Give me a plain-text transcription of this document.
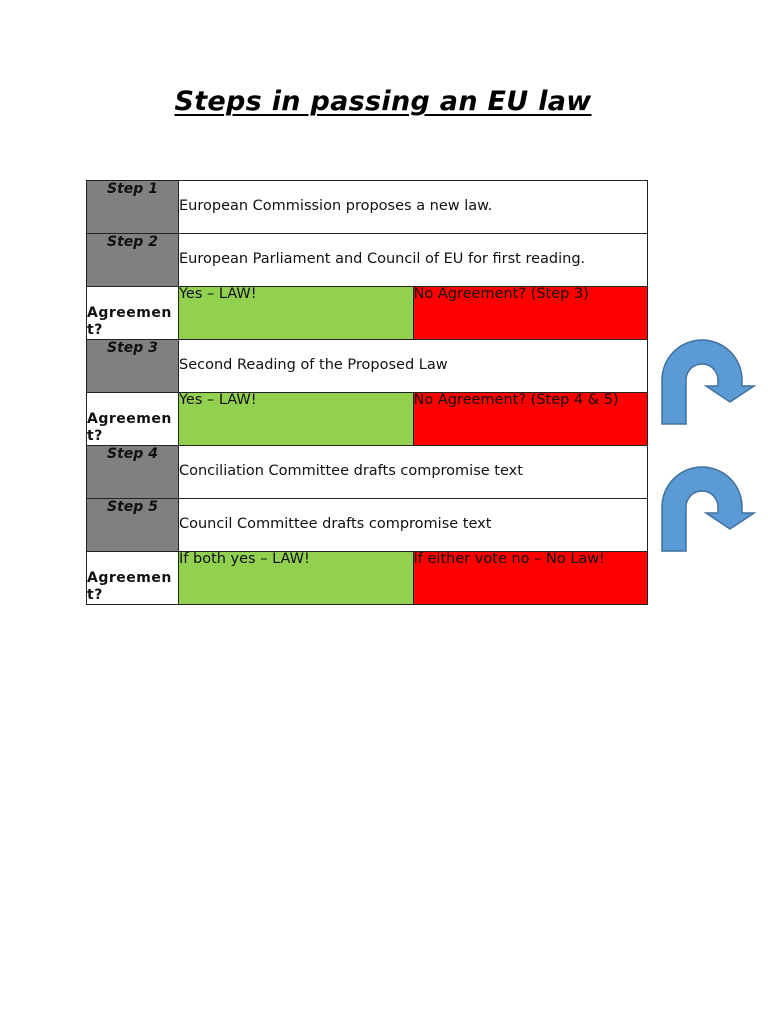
Steps in passing an EU law
Step 1	European Commission proposes a new law.	

Step 2	European Parliament and Council of EU for first reading.	

Agreement?	Yes – LAW!	No Agreement? (Step 3)

Step 3	Second Reading of the Proposed Law	

Agreement?	Yes – LAW!	No Agreement? (Step 4 & 5)

Step 4	Conciliation Committee drafts compromise text	

Step 5	Council Committee drafts compromise text	

Agreement?	If both yes – LAW!	If either vote no – No Law!
